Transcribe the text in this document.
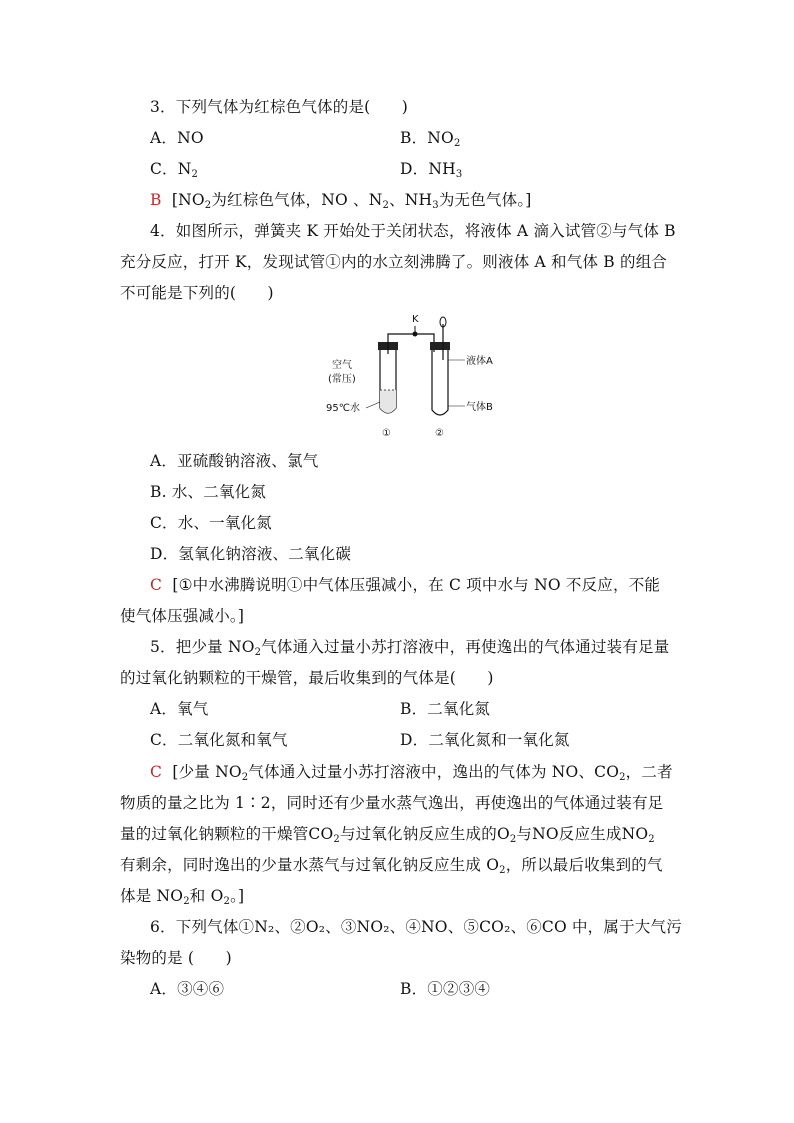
3．下列气体为红棕色气体的是(　　)
A．NO	B．$NO_2$
C．$N_2$	D．$NH_3$
B [$NO_2$为红棕色气体，NO 、$N_2$、$NH_3$为无色气体。]
4．如图所示，弹簧夹 K 开始处于关闭状态，将液体 A 滴入试管②与气体 B
充分反应，打开 K，发现试管①内的水立刻沸腾了。则液体 A 和气体 B 的组合
不可能是下列的(　　)
空气
(常压)
95℃水
K
液体A
气体B
①	②
A．亚硫酸钠溶液、氯气
B. 水、二氧化氮
C．水、一氧化氮
D．氢氧化钠溶液、二氧化碳
C [①中水沸腾说明①中气体压强减小，在 C 项中水与 NO 不反应，不能
使气体压强减小。]
5．把少量 $NO_2$气体通入过量小苏打溶液中，再使逸出的气体通过装有足量
的过氧化钠颗粒的干燥管，最后收集到的气体是(　　)
A．氧气	B．二氧化氮
C．二氧化氮和氧气	D．二氧化氮和一氧化氮
C [少量 $NO_2$气体通入过量小苏打溶液中，逸出的气体为 NO、$CO_2$，二者
物质的量之比为 1∶2，同时还有少量水蒸气逸出，再使逸出的气体通过装有足
量的过氧化钠颗粒的干燥管$CO_2$与过氧化钠反应生成的$O_2$与NO反应生成$NO_2$
有剩余，同时逸出的少量水蒸气与过氧化钠反应生成 $O_2$，所以最后收集到的气
体是 $NO_2$和 $O_2$。]
6．下列气体①N₂、②O₂、③NO₂、④NO、⑤CO₂、⑥CO 中，属于大气污
染物的是 (　　)
A．③④⑥	B．①②③④
